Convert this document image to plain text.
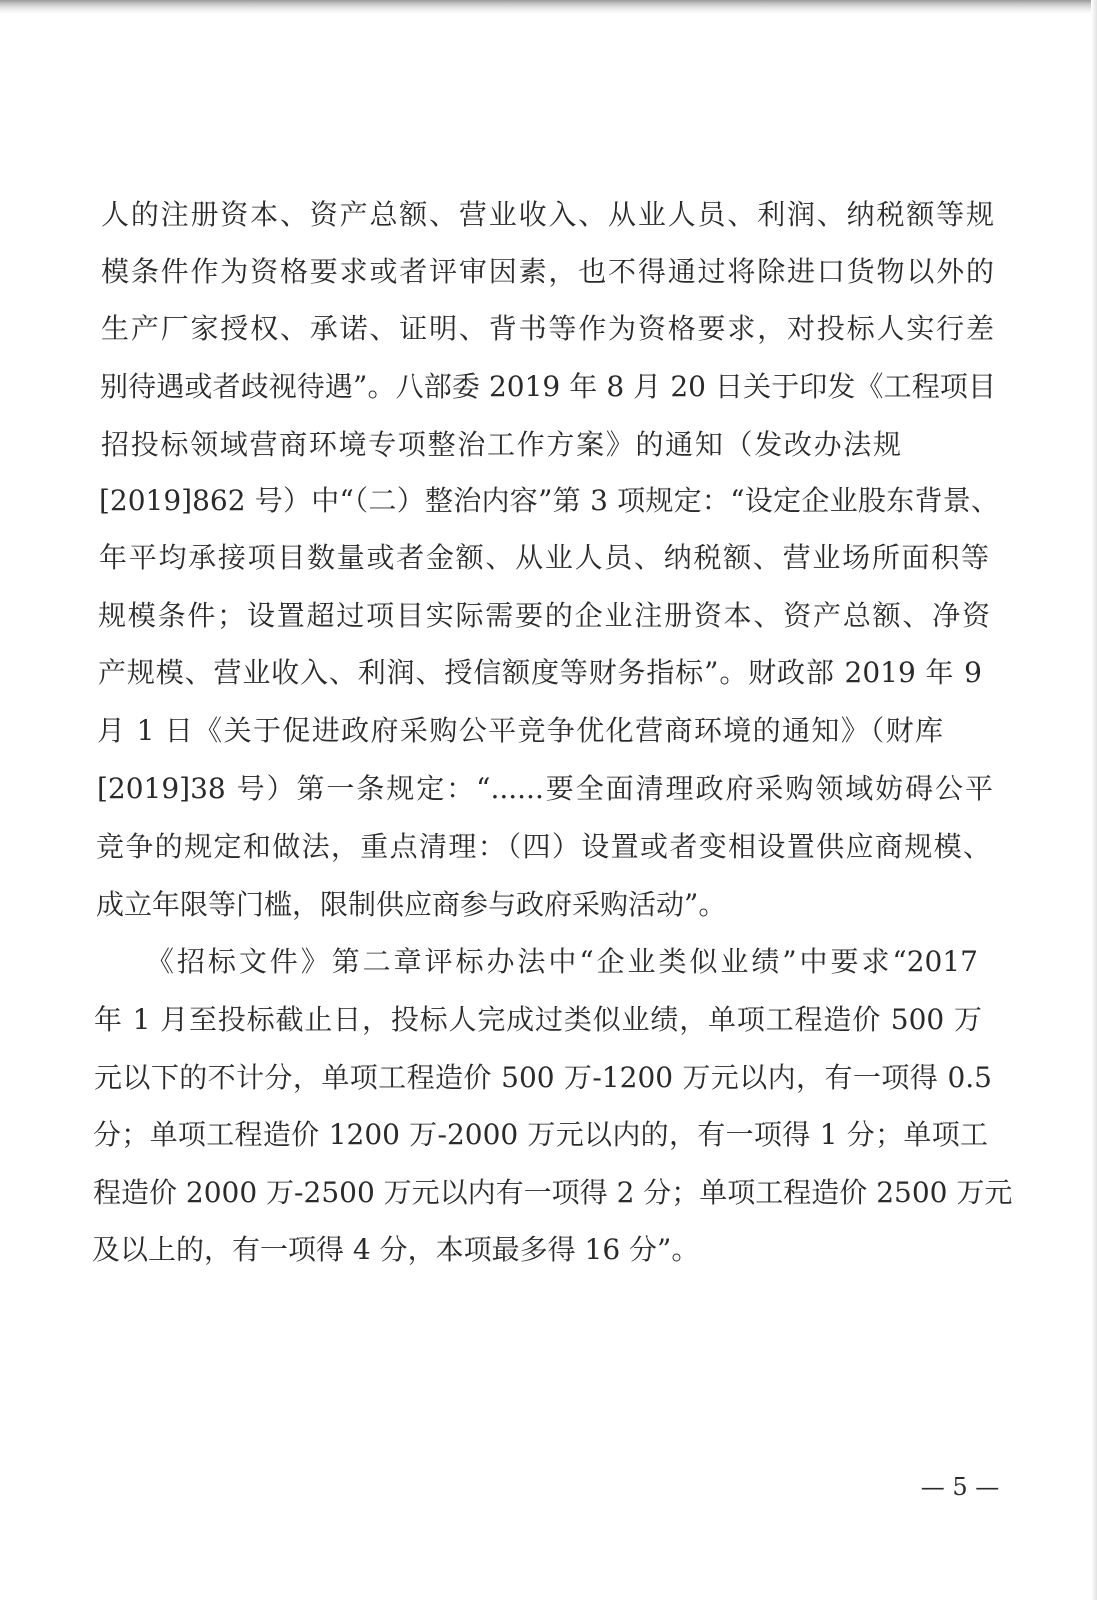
人的注册资本、资产总额、营业收入、从业人员、利润、纳税额等规
模条件作为资格要求或者评审因素，也不得通过将除进口货物以外的
生产厂家授权、承诺、证明、背书等作为资格要求，对投标人实行差
别待遇或者歧视待遇”。八部委 2019 年 8 月 20 日关于印发《工程项目
招投标领域营商环境专项整治工作方案》的通知（发改办法规
[2019]862 号）中“（二）整治内容”第 3 项规定：“设定企业股东背景、
年平均承接项目数量或者金额、从业人员、纳税额、营业场所面积等
规模条件；设置超过项目实际需要的企业注册资本、资产总额、净资
产规模、营业收入、利润、授信额度等财务指标”。财政部 2019 年 9
月 1 日《关于促进政府采购公平竞争优化营商环境的通知》（财库
[2019]38 号）第一条规定：“......要全面清理政府采购领域妨碍公平
竞争的规定和做法，重点清理：（四）设置或者变相设置供应商规模、
成立年限等门槛，限制供应商参与政府采购活动”。
《招标文件》第二章评标办法中“企业类似业绩”中要求“2017
年 1 月至投标截止日，投标人完成过类似业绩，单项工程造价 500 万
元以下的不计分，单项工程造价 500 万-1200 万元以内，有一项得 0.5
分；单项工程造价 1200 万-2000 万元以内的，有一项得 1 分；单项工
程造价 2000 万-2500 万元以内有一项得 2 分；单项工程造价 2500 万元
及以上的，有一项得 4 分，本项最多得 16 分”。
— 5 —
